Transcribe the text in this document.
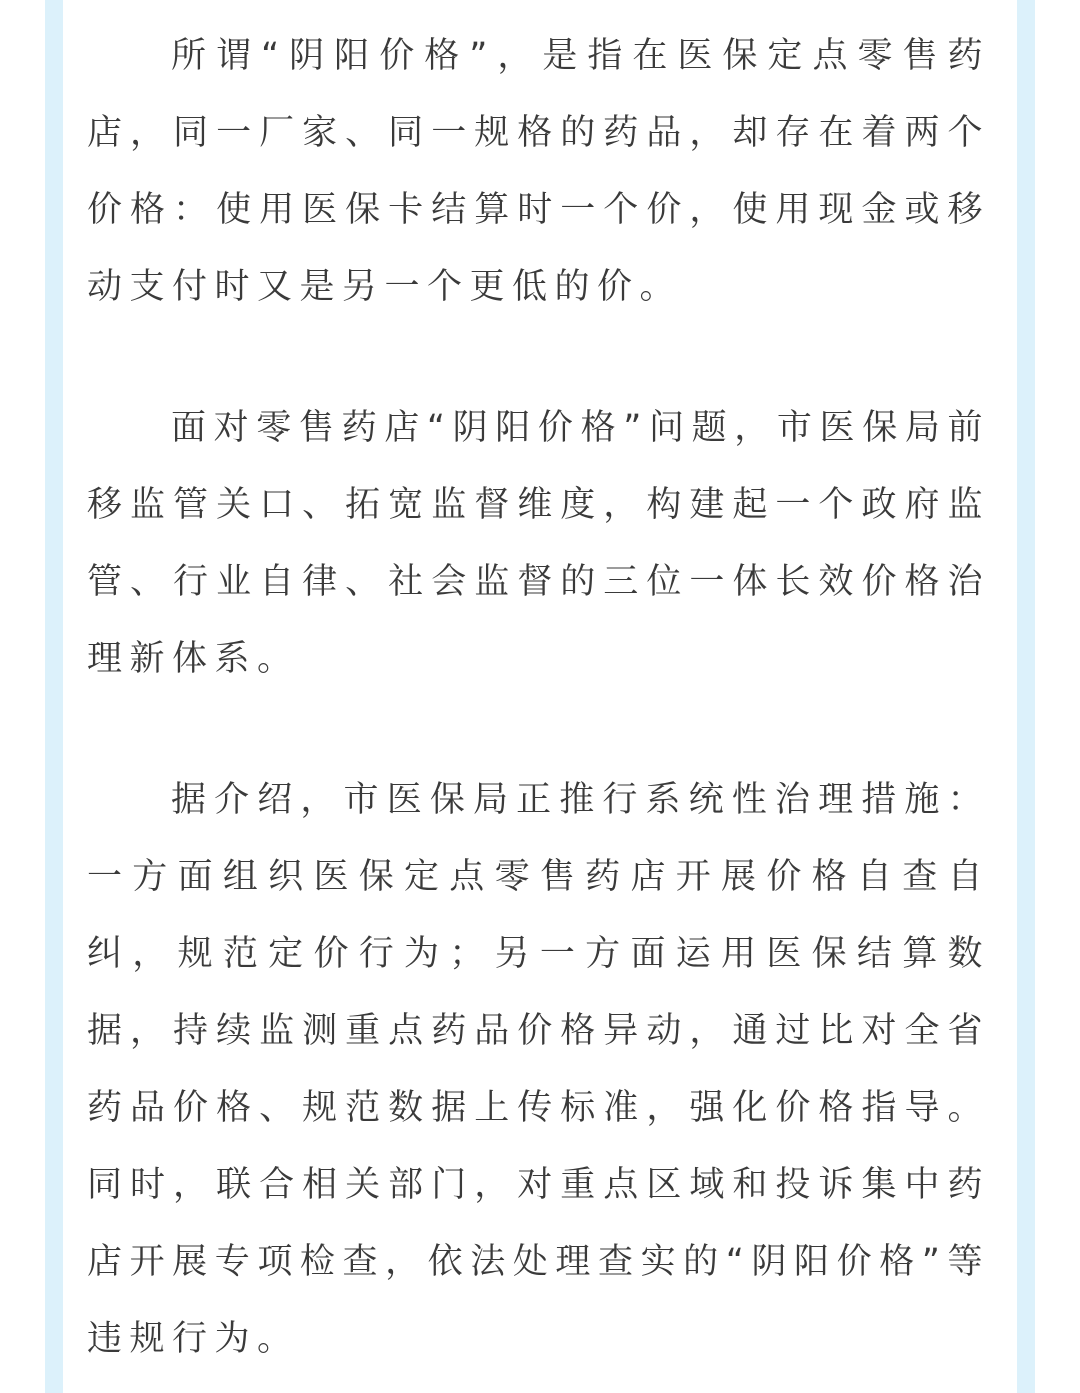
所谓“阴阳价格”，是指在医保定点零售药店，同一厂家、同一规格的药品，却存在着两个价格：使用医保卡结算时一个价，使用现金或移动支付时又是另一个更低的价。

面对零售药店“阴阳价格”问题，市医保局前移监管关口、拓宽监督维度，构建起一个政府监管、行业自律、社会监督的三位一体长效价格治理新体系。

据介绍，市医保局正推行系统性治理措施：一方面组织医保定点零售药店开展价格自查自纠，规范定价行为；另一方面运用医保结算数据，持续监测重点药品价格异动，通过比对全省药品价格、规范数据上传标准，强化价格指导。同时，联合相关部门，对重点区域和投诉集中药店开展专项检查，依法处理查实的“阴阳价格”等违规行为。
